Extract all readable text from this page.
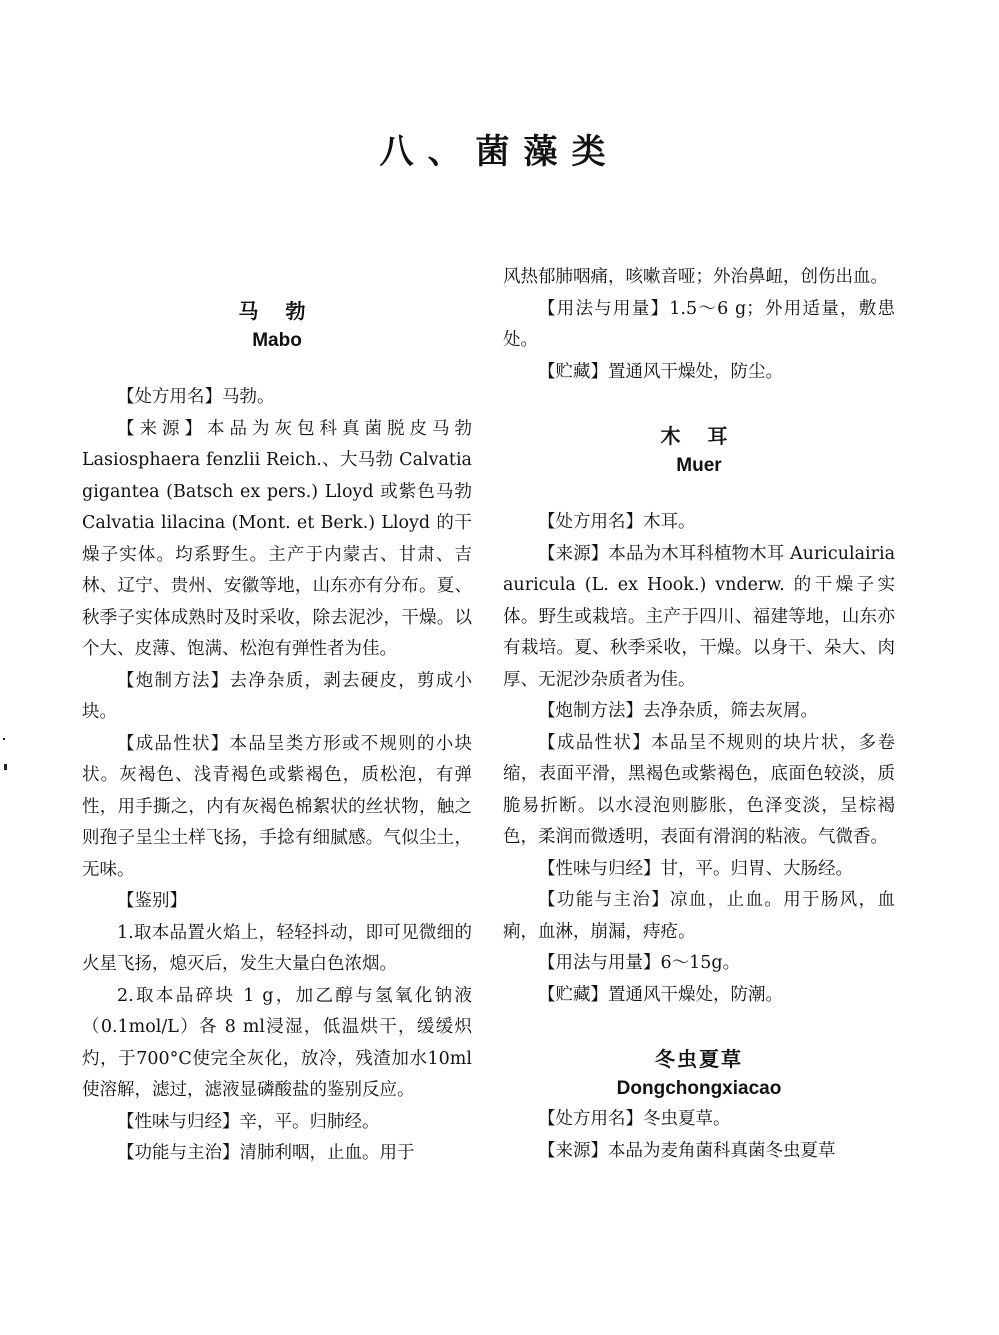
八、菌藻类

马 勃

Mabo

【处方用名】马勃。

【来源】本品为灰包科真菌脱皮马勃 Lasiosphaera fenzlii Reich.、大马勃 Calvatia gigantea (Batsch ex pers.) Lloyd 或紫色马勃 Calvatia lilacina (Mont. et Berk.) Lloyd 的干燥子实体。均系野生。主产于内蒙古、甘肃、吉林、辽宁、贵州、安徽等地，山东亦有分布。夏、秋季子实体成熟时及时采收，除去泥沙，干燥。以个大、皮薄、饱满、松泡有弹性者为佳。

【炮制方法】去净杂质，剥去硬皮，剪成小块。

【成品性状】本品呈类方形或不规则的小块状。灰褐色、浅青褐色或紫褐色，质松泡，有弹性，用手撕之，内有灰褐色棉絮状的丝状物，触之则孢子呈尘土样飞扬，手捻有细腻感。气似尘土，无味。

【鉴别】

1.取本品置火焰上，轻轻抖动，即可见微细的火星飞扬，熄灭后，发生大量白色浓烟。

2.取本品碎块 1 g，加乙醇与氢氧化钠液（0.1mol/L）各 8 ml浸湿，低温烘干，缓缓炽灼，于700°C使完全灰化，放冷，残渣加水10ml使溶解，滤过，滤液显磷酸盐的鉴别反应。

【性味与归经】辛，平。归肺经。

【功能与主治】清肺利咽，止血。用于

风热郁肺咽痛，咳嗽音哑；外治鼻衄，创伤出血。

【用法与用量】1.5～6 g；外用适量，敷患处。

【贮藏】置通风干燥处，防尘。

木 耳

Muer

【处方用名】木耳。

【来源】本品为木耳科植物木耳 Auriculairia auricula (L. ex Hook.) vnderw. 的干燥子实体。野生或栽培。主产于四川、福建等地，山东亦有栽培。夏、秋季采收，干燥。以身干、朵大、肉厚、无泥沙杂质者为佳。

【炮制方法】去净杂质，筛去灰屑。

【成品性状】本品呈不规则的块片状，多卷缩，表面平滑，黑褐色或紫褐色，底面色较淡，质脆易折断。以水浸泡则膨胀，色泽变淡，呈棕褐色，柔润而微透明，表面有滑润的粘液。气微香。

【性味与归经】甘，平。归胃、大肠经。

【功能与主治】凉血，止血。用于肠风，血痢，血淋，崩漏，痔疮。

【用法与用量】6～15g。

【贮藏】置通风干燥处，防潮。

冬虫夏草

Dongchongxiacao

【处方用名】冬虫夏草。

【来源】本品为麦角菌科真菌冬虫夏草
